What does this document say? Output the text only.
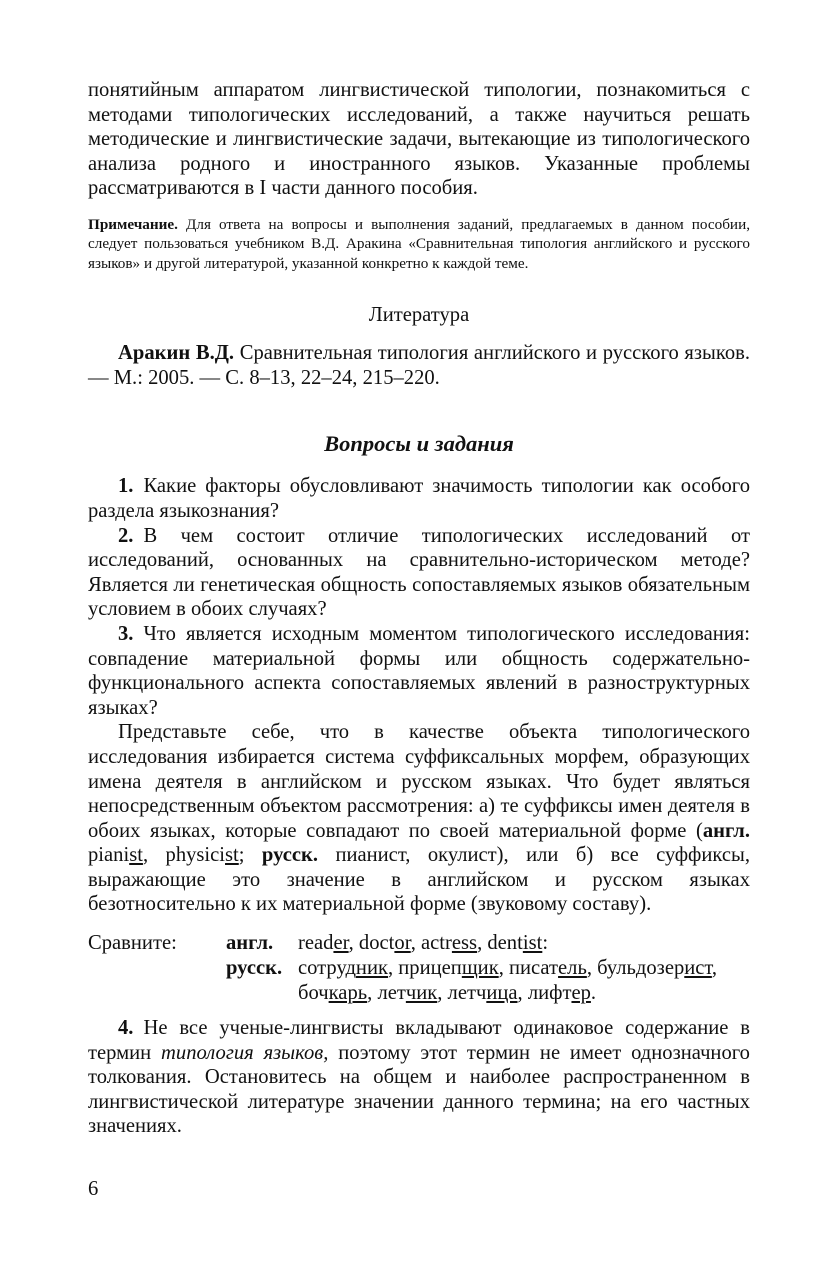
понятийным аппаратом лингвистической типологии, познакомиться с методами типологических исследований, а также научиться решать методические и лингвистические задачи, вытекающие из типологического анализа родного и иностранного языков. Указанные проблемы рассматриваются в I части данного пособия.

Примечание. Для ответа на вопросы и выполнения заданий, предлагаемых в данном пособии, следует пользоваться учебником В.Д. Аракина «Сравнительная типология английского и русского языков» и другой литературой, указанной конкретно к каждой теме.

Литература

Аракин В.Д. Сравнительная типология английского и русского языков. — М.: 2005. — С. 8–13, 22–24, 215–220.

Вопросы и задания

1. Какие факторы обусловливают значимость типологии как особого раздела языкознания?

2. В чем состоит отличие типологических исследований от исследований, основанных на сравнительно-историческом методе? Является ли генетическая общность сопоставляемых языков обязательным условием в обоих случаях?

3. Что является исходным моментом типологического исследования: совпадение материальной формы или общность содержательно-функционального аспекта сопоставляемых явлений в разноструктурных языках?

Представьте себе, что в качестве объекта типологического исследования избирается система суффиксальных морфем, образующих имена деятеля в английском и русском языках. Что будет являться непосредственным объектом рассмотрения: а) те суффиксы имен деятеля в обоих языках, которые совпадают по своей материальной форме (англ. pianist, physicist; русск. пианист, окулист), или б) все суффиксы, выражающие это значение в английском и русском языках безотносительно к их материальной форме (звуковому составу).

Сравните:	англ.	reader, doctor, actress, dentist:
русск. сотрудник, прицепщик, писатель, бульдозерист, бочкарь, летчик, летчица, лифтер.

4. Не все ученые-лингвисты вкладывают одинаковое содержание в термин типология языков, поэтому этот термин не имеет однозначного толкования. Остановитесь на общем и наиболее распространенном в лингвистической литературе значении данного термина; на его частных значениях.

6
